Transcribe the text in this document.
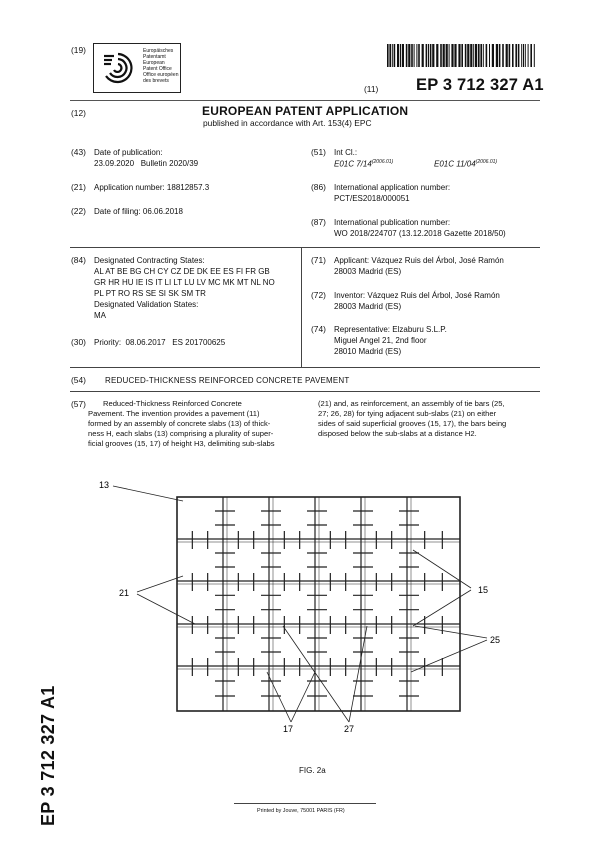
(19)	Europäisches
Patentamt
European
Patent Office
Office européen
des brevets
(11) EP 3 712 327 A1
(12)	EUROPEAN PATENT APPLICATION
published in accordance with Art. 153(4) EPC
(43) Date of publication:
23.09.2020   Bulletin 2020/39
(21) Application number: 18812857.3
(22) Date of filing: 06.06.2018
(51) Int Cl.:
E01C $7/14^{(2006.01)}$	E01C $11/04^{(2006.01)}$
(86) International application number:
PCT/ES2018/000051
(87) International publication number:
WO 2018/224707 (13.12.2018 Gazette 2018/50)
(84) Designated Contracting States:
AL AT BE BG CH CY CZ DE DK EE ES FI FR GB
GR HR HU IE IS IT LI LT LU LV MC MK MT NL NO
PL PT RO RS SE SI SK SM TR
Designated Validation States:
MA
(30) Priority:  08.06.2017   ES 201700625
(71) Applicant: Vázquez Ruis del Árbol, José Ramón
28003 Madrid (ES)
(72) Inventor: Vázquez Ruis del Árbol, José Ramón
28003 Madrid (ES)
(74) Representative: Elzaburu S.L.P.
Miguel Angel 21, 2nd floor
28010 Madrid (ES)
(54) REDUCED-THICKNESS REINFORCED CONCRETE PAVEMENT
(57)	Reduced-Thickness Reinforced Concrete
Pavement. The invention provides a pavement (11)
formed by an assembly of concrete slabs (13) of thick-
ness H, each slabs (13) comprising a plurality of super-
ficial grooves (15, 17) of height H3, delimiting sub-slabs
(21) and, as reinforcement, an assembly of tie bars (25,
27; 26, 28) for tying adjacent sub-slabs (21) on either
sides of said superficial grooves (15, 17), the bars being
disposed below the sub-slabs at a distance H2.
13
21	15
25
17	27
FIG. 2a
Printed by Jouve, 75001 PARIS (FR)
EP 3 712 327 A1
